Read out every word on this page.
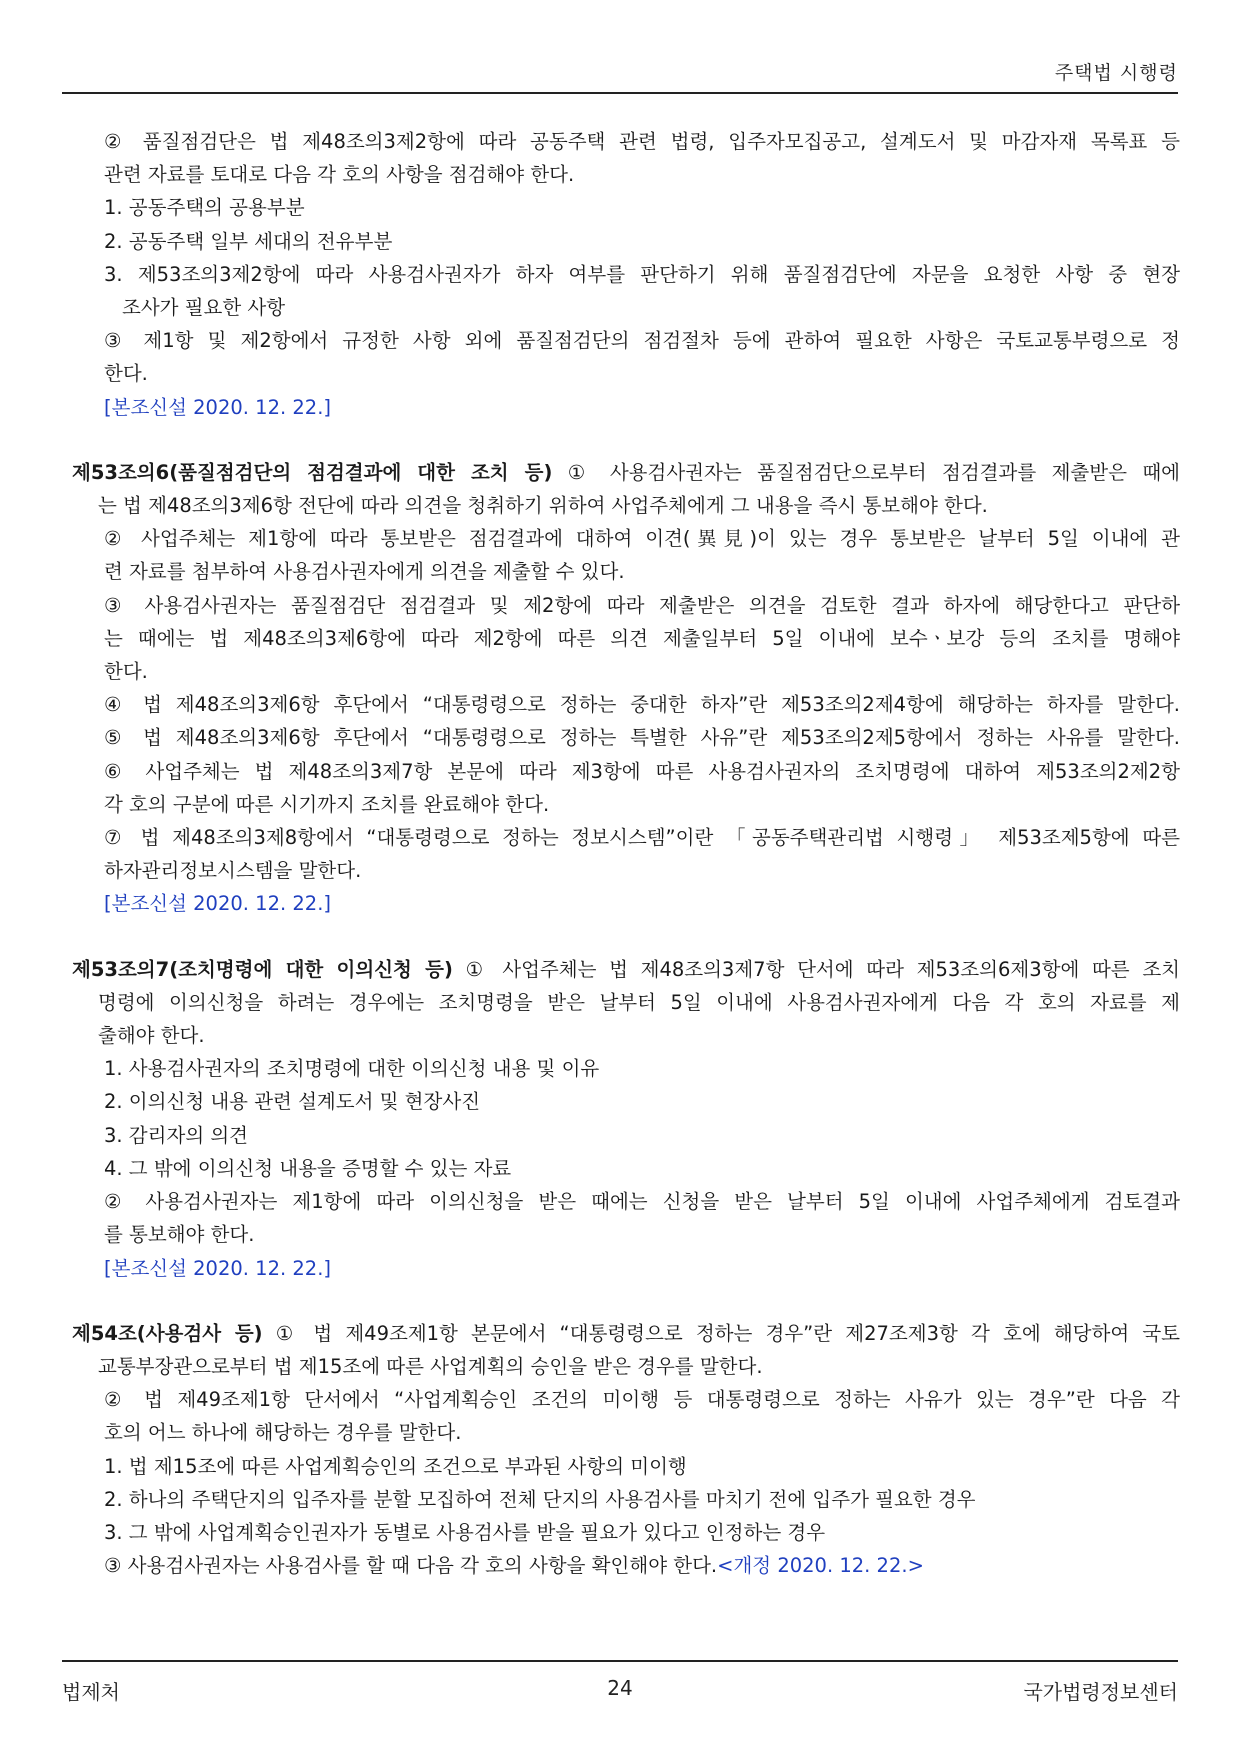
주택법 시행령
② 품질점검단은 법 제48조의3제2항에 따라 공동주택 관련 법령, 입주자모집공고, 설계도서 및 마감자재 목록표 등
관련 자료를 토대로 다음 각 호의 사항을 점검해야 한다.
1. 공동주택의 공용부분
2. 공동주택 일부 세대의 전유부분
3. 제53조의3제2항에 따라 사용검사권자가 하자 여부를 판단하기 위해 품질점검단에 자문을 요청한 사항 중 현장
조사가 필요한 사항
③ 제1항 및 제2항에서 규정한 사항 외에 품질점검단의 점검절차 등에 관하여 필요한 사항은 국토교통부령으로 정
한다.
[본조신설 2020. 12. 22.]
제53조의6(품질점검단의 점검결과에 대한 조치 등) ① 사용검사권자는 품질점검단으로부터 점검결과를 제출받은 때에
는 법 제48조의3제6항 전단에 따라 의견을 청취하기 위하여 사업주체에게 그 내용을 즉시 통보해야 한다.
② 사업주체는 제1항에 따라 통보받은 점검결과에 대하여 이견(異見)이 있는 경우 통보받은 날부터 5일 이내에 관
련 자료를 첨부하여 사용검사권자에게 의견을 제출할 수 있다.
③ 사용검사권자는 품질점검단 점검결과 및 제2항에 따라 제출받은 의견을 검토한 결과 하자에 해당한다고 판단하
는 때에는 법 제48조의3제6항에 따라 제2항에 따른 의견 제출일부터 5일 이내에 보수ㆍ보강 등의 조치를 명해야
한다.
④ 법 제48조의3제6항 후단에서 “대통령령으로 정하는 중대한 하자”란 제53조의2제4항에 해당하는 하자를 말한다.
⑤ 법 제48조의3제6항 후단에서 “대통령령으로 정하는 특별한 사유”란 제53조의2제5항에서 정하는 사유를 말한다.
⑥ 사업주체는 법 제48조의3제7항 본문에 따라 제3항에 따른 사용검사권자의 조치명령에 대하여 제53조의2제2항
각 호의 구분에 따른 시기까지 조치를 완료해야 한다.
⑦ 법 제48조의3제8항에서 “대통령령으로 정하는 정보시스템”이란 「공동주택관리법 시행령」 제53조제5항에 따른
하자관리정보시스템을 말한다.
[본조신설 2020. 12. 22.]
제53조의7(조치명령에 대한 이의신청 등) ① 사업주체는 법 제48조의3제7항 단서에 따라 제53조의6제3항에 따른 조치
명령에 이의신청을 하려는 경우에는 조치명령을 받은 날부터 5일 이내에 사용검사권자에게 다음 각 호의 자료를 제
출해야 한다.
1. 사용검사권자의 조치명령에 대한 이의신청 내용 및 이유
2. 이의신청 내용 관련 설계도서 및 현장사진
3. 감리자의 의견
4. 그 밖에 이의신청 내용을 증명할 수 있는 자료
② 사용검사권자는 제1항에 따라 이의신청을 받은 때에는 신청을 받은 날부터 5일 이내에 사업주체에게 검토결과
를 통보해야 한다.
[본조신설 2020. 12. 22.]
제54조(사용검사 등) ① 법 제49조제1항 본문에서 “대통령령으로 정하는 경우”란 제27조제3항 각 호에 해당하여 국토
교통부장관으로부터 법 제15조에 따른 사업계획의 승인을 받은 경우를 말한다.
② 법 제49조제1항 단서에서 “사업계획승인 조건의 미이행 등 대통령령으로 정하는 사유가 있는 경우”란 다음 각
호의 어느 하나에 해당하는 경우를 말한다.
1. 법 제15조에 따른 사업계획승인의 조건으로 부과된 사항의 미이행
2. 하나의 주택단지의 입주자를 분할 모집하여 전체 단지의 사용검사를 마치기 전에 입주가 필요한 경우
3. 그 밖에 사업계획승인권자가 동별로 사용검사를 받을 필요가 있다고 인정하는 경우
③ 사용검사권자는 사용검사를 할 때 다음 각 호의 사항을 확인해야 한다.<개정 2020. 12. 22.>
법제처	24	국가법령정보센터
